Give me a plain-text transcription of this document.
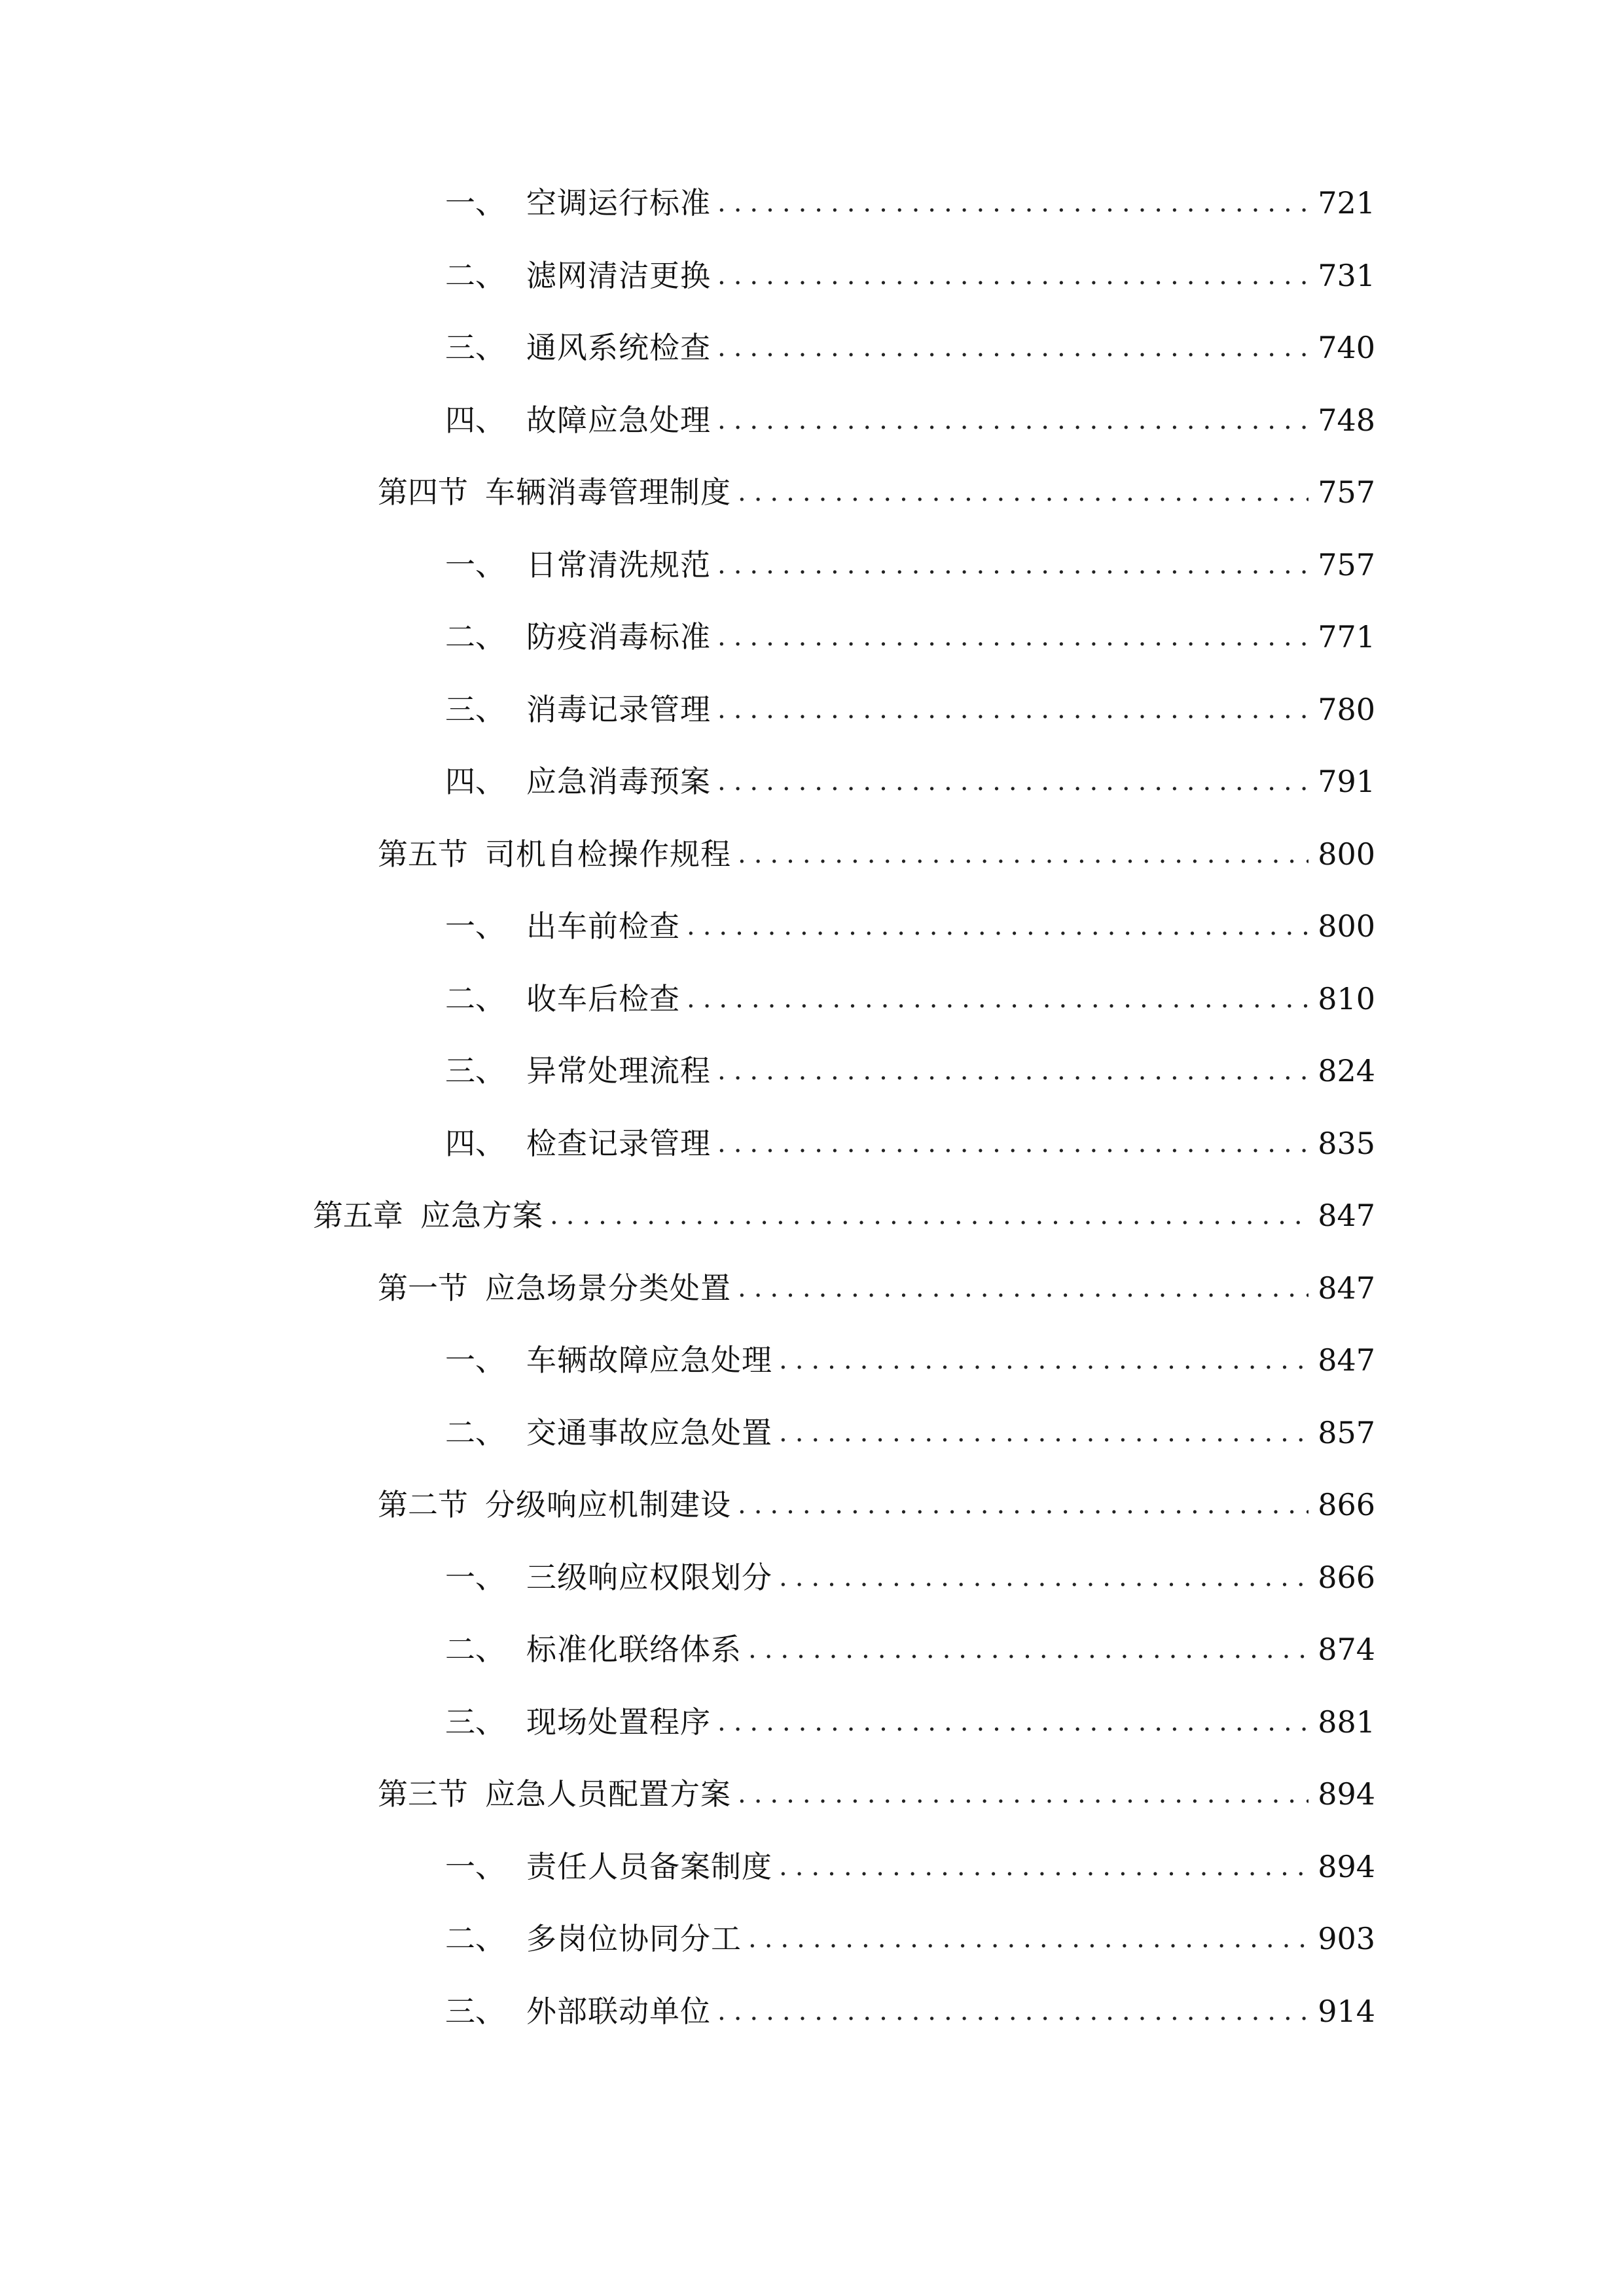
一、 空调运行标准 .....	721
二、 滤网清洁更换 .....	731
三、 通风系统检查 .....	740
四、 故障应急处理 .....	748
第四节 车辆消毒管理制度 .....	757
一、 日常清洗规范 .....	757
二、 防疫消毒标准 .....	771
三、 消毒记录管理 .....	780
四、 应急消毒预案 .....	791
第五节 司机自检操作规程 .....	800
一、 出车前检查 .....	800
二、 收车后检查 .....	810
三、 异常处理流程 .....	824
四、 检查记录管理 .....	835
第五章 应急方案 .....	847
第一节 应急场景分类处置 .....	847
一、 车辆故障应急处理 .....	847
二、 交通事故应急处置 .....	857
第二节 分级响应机制建设 .....	866
一、 三级响应权限划分 .....	866
二、 标准化联络体系 .....	874
三、 现场处置程序 .....	881
第三节 应急人员配置方案 .....	894
一、 责任人员备案制度 .....	894
二、 多岗位协同分工 .....	903
三、 外部联动单位 .....	914
